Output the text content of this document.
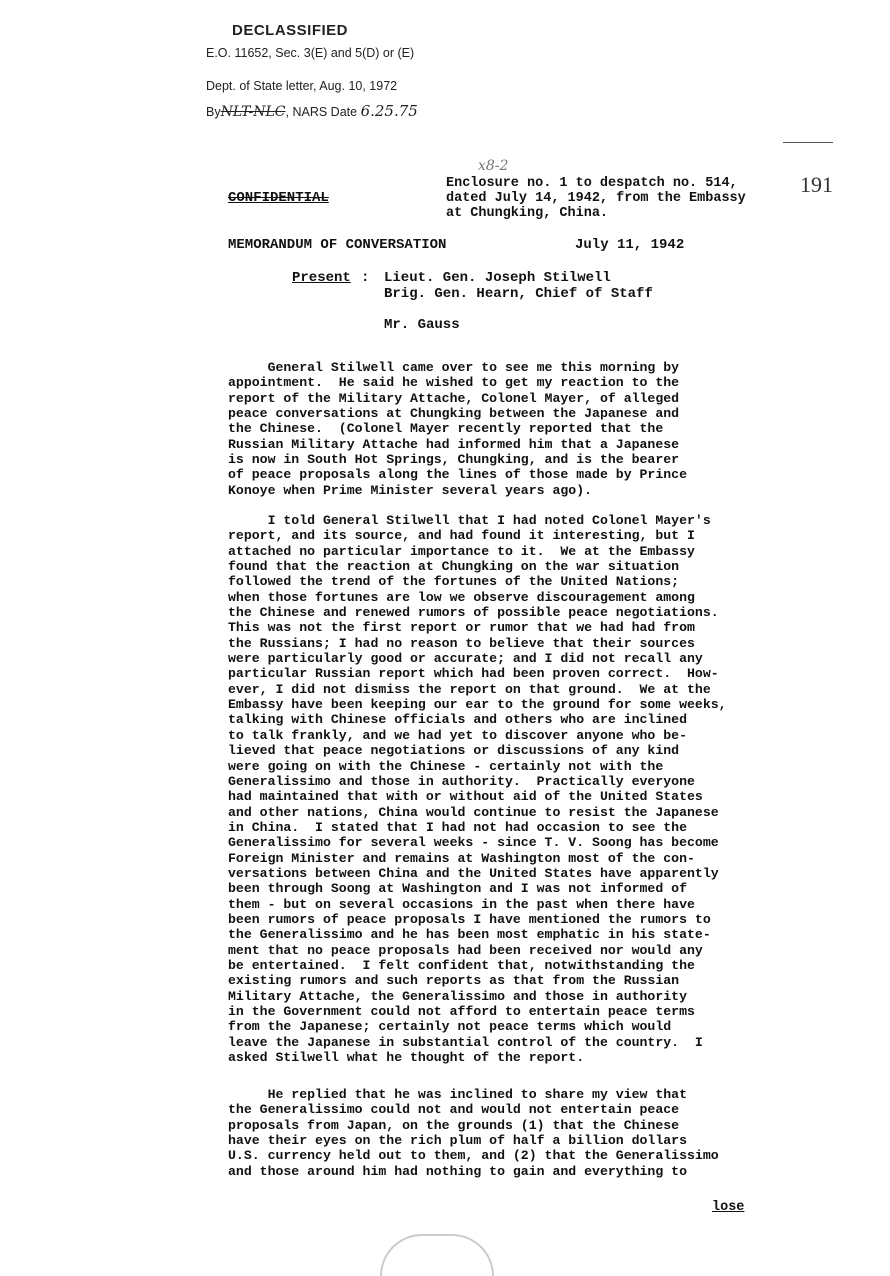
DECLASSIFIED
E.O. 11652, Sec. 3(E) and 5(D) or (E)
Dept. of State letter, Aug. 10, 1972
ByNLT-NLC, NARS Date 6.25.75
191
x8-2
CONFIDENTIAL
Enclosure no. 1 to despatch no. 514,
dated July 14, 1942, from the Embassy
at Chungking, China.
MEMORANDUM OF CONVERSATION	July 11, 1942
Present : Lieut. Gen. Joseph Stilwell
Brig. Gen. Hearn, Chief of Staff
Mr. Gauss
General Stilwell came over to see me this morning by
appointment.  He said he wished to get my reaction to the
report of the Military Attache, Colonel Mayer, of alleged
peace conversations at Chungking between the Japanese and
the Chinese.  (Colonel Mayer recently reported that the
Russian Military Attache had informed him that a Japanese
is now in South Hot Springs, Chungking, and is the bearer
of peace proposals along the lines of those made by Prince
Konoye when Prime Minister several years ago).
I told General Stilwell that I had noted Colonel Mayer's
report, and its source, and had found it interesting, but I
attached no particular importance to it.  We at the Embassy
found that the reaction at Chungking on the war situation
followed the trend of the fortunes of the United Nations;
when those fortunes are low we observe discouragement among
the Chinese and renewed rumors of possible peace negotiations.
This was not the first report or rumor that we had had from
the Russians; I had no reason to believe that their sources
were particularly good or accurate; and I did not recall any
particular Russian report which had been proven correct.  How-
ever, I did not dismiss the report on that ground.  We at the
Embassy have been keeping our ear to the ground for some weeks,
talking with Chinese officials and others who are inclined
to talk frankly, and we had yet to discover anyone who be-
lieved that peace negotiations or discussions of any kind
were going on with the Chinese - certainly not with the
Generalissimo and those in authority.  Practically everyone
had maintained that with or without aid of the United States
and other nations, China would continue to resist the Japanese
in China.  I stated that I had not had occasion to see the
Generalissimo for several weeks - since T. V. Soong has become
Foreign Minister and remains at Washington most of the con-
versations between China and the United States have apparently
been through Soong at Washington and I was not informed of
them - but on several occasions in the past when there have
been rumors of peace proposals I have mentioned the rumors to
the Generalissimo and he has been most emphatic in his state-
ment that no peace proposals had been received nor would any
be entertained.  I felt confident that, notwithstanding the
existing rumors and such reports as that from the Russian
Military Attache, the Generalissimo and those in authority
in the Government could not afford to entertain peace terms
from the Japanese; certainly not peace terms which would
leave the Japanese in substantial control of the country.  I
asked Stilwell what he thought of the report.
He replied that he was inclined to share my view that
the Generalissimo could not and would not entertain peace
proposals from Japan, on the grounds (1) that the Chinese
have their eyes on the rich plum of half a billion dollars
U.S. currency held out to them, and (2) that the Generalissimo
and those around him had nothing to gain and everything to
lose
